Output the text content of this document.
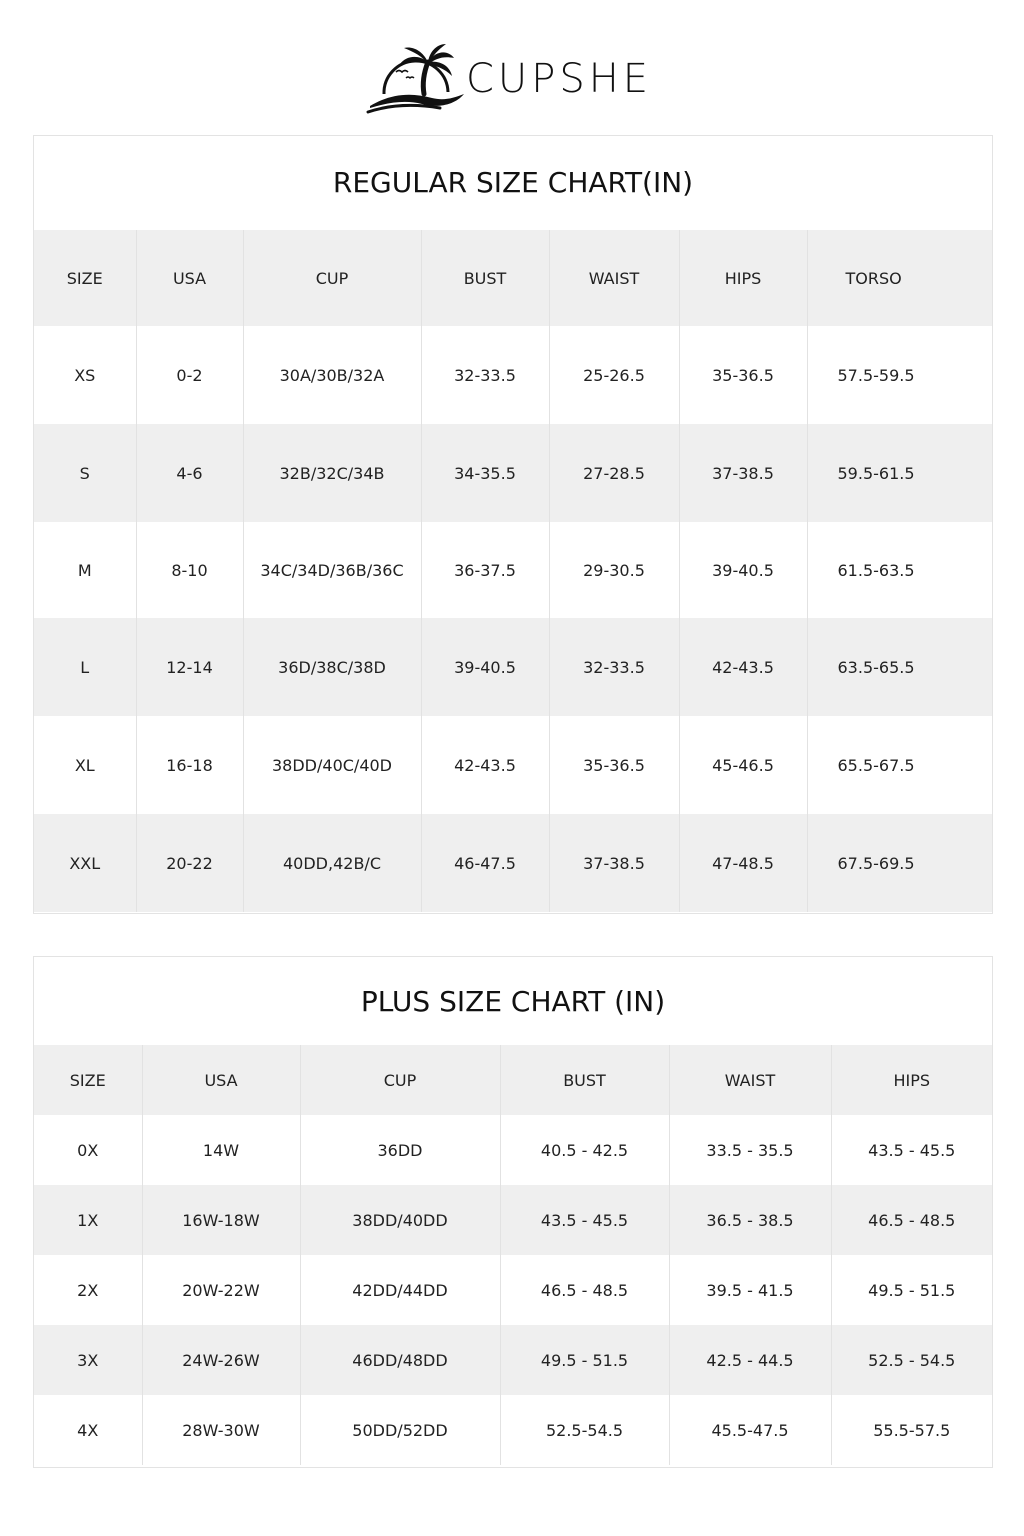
CUPSHE
REGULAR SIZE CHART(IN)
SIZE	USA	CUP	BUST	WAIST	HIPS	TORSO
XS	0-2	30A/30B/32A	32-33.5	25-26.5	35-36.5	57.5-59.5
S	4-6	32B/32C/34B	34-35.5	27-28.5	37-38.5	59.5-61.5
M	8-10	34C/34D/36B/36C	36-37.5	29-30.5	39-40.5	61.5-63.5
L	12-14	36D/38C/38D	39-40.5	32-33.5	42-43.5	63.5-65.5
XL	16-18	38DD/40C/40D	42-43.5	35-36.5	45-46.5	65.5-67.5
XXL	20-22	40DD,42B/C	46-47.5	37-38.5	47-48.5	67.5-69.5
PLUS SIZE CHART (IN)
SIZE	USA	CUP	BUST	WAIST	HIPS
0X	14W	36DD	40.5 - 42.5	33.5 - 35.5	43.5 - 45.5
1X	16W-18W	38DD/40DD	43.5 - 45.5	36.5 - 38.5	46.5 - 48.5
2X	20W-22W	42DD/44DD	46.5 - 48.5	39.5 - 41.5	49.5 - 51.5
3X	24W-26W	46DD/48DD	49.5 - 51.5	42.5 - 44.5	52.5 - 54.5
4X	28W-30W	50DD/52DD	52.5-54.5	45.5-47.5	55.5-57.5
